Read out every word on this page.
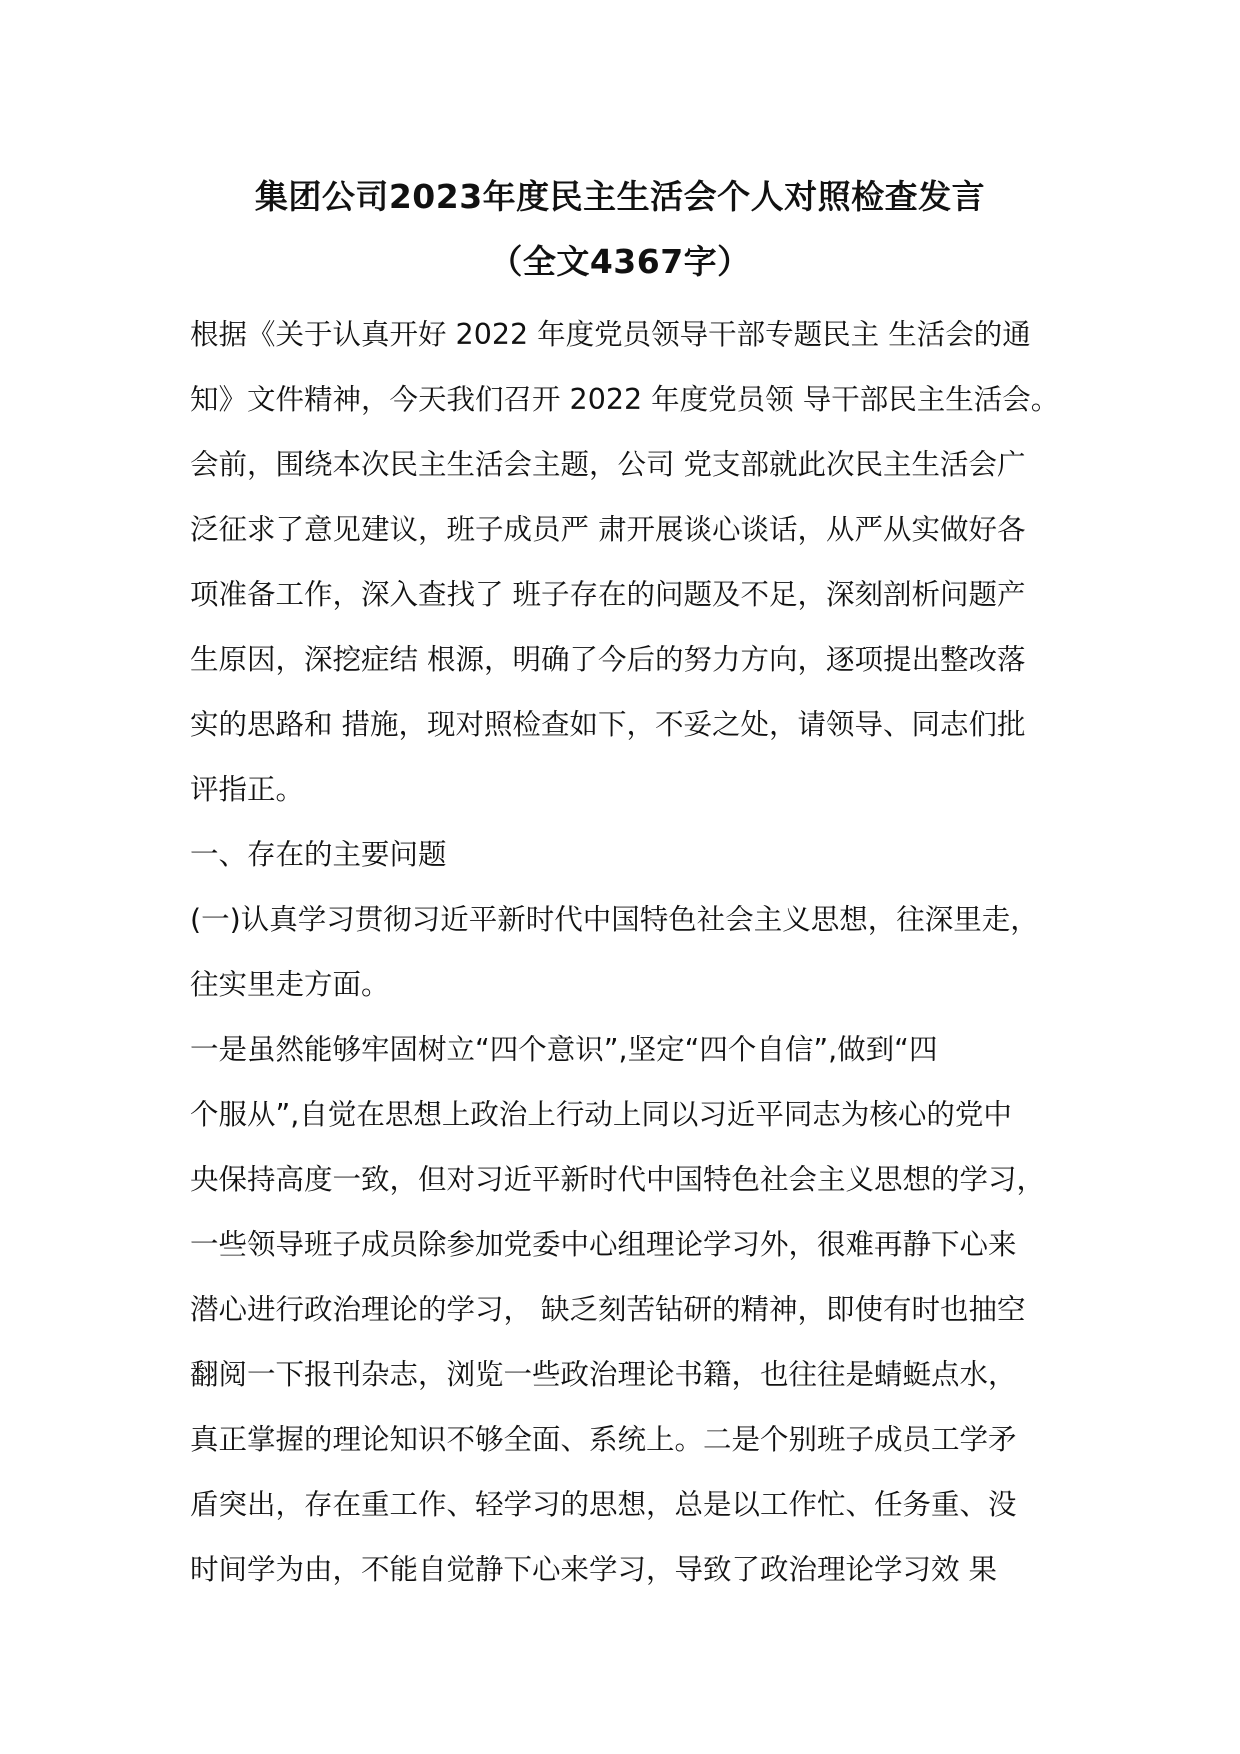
集团公司2023年度民主生活会个人对照检查发言
（全文4367字）
根据《关于认真开好 2022 年度党员领导干部专题民主 生活会的通
知》文件精神，今天我们召开 2022 年度党员领 导干部民主生活会。
会前，围绕本次民主生活会主题，公司 党支部就此次民主生活会广
泛征求了意见建议，班子成员严 肃开展谈心谈话，从严从实做好各
项准备工作，深入查找了 班子存在的问题及不足，深刻剖析问题产
生原因，深挖症结 根源，明确了今后的努力方向，逐项提出整改落
实的思路和 措施，现对照检查如下，不妥之处，请领导、同志们批
评指正。
一、存在的主要问题
(一)认真学习贯彻习近平新时代中国特色社会主义思想，往深里走，
往实里走方面。
一是虽然能够牢固树立“四个意识”,坚定“四个自信”,做到“四
个服从”,自觉在思想上政治上行动上同以习近平同志为核心的党中
央保持高度一致，但对习近平新时代中国特色社会主义思想的学习，
一些领导班子成员除参加党委中心组理论学习外，很难再静下心来
潜心进行政治理论的学习， 缺乏刻苦钻研的精神，即使有时也抽空
翻阅一下报刊杂志，浏览一些政治理论书籍，也往往是蜻蜓点水，
真正掌握的理论知识不够全面、系统上。二是个别班子成员工学矛
盾突出，存在重工作、轻学习的思想，总是以工作忙、任务重、没
时间学为由，不能自觉静下心来学习，导致了政治理论学习效 果
